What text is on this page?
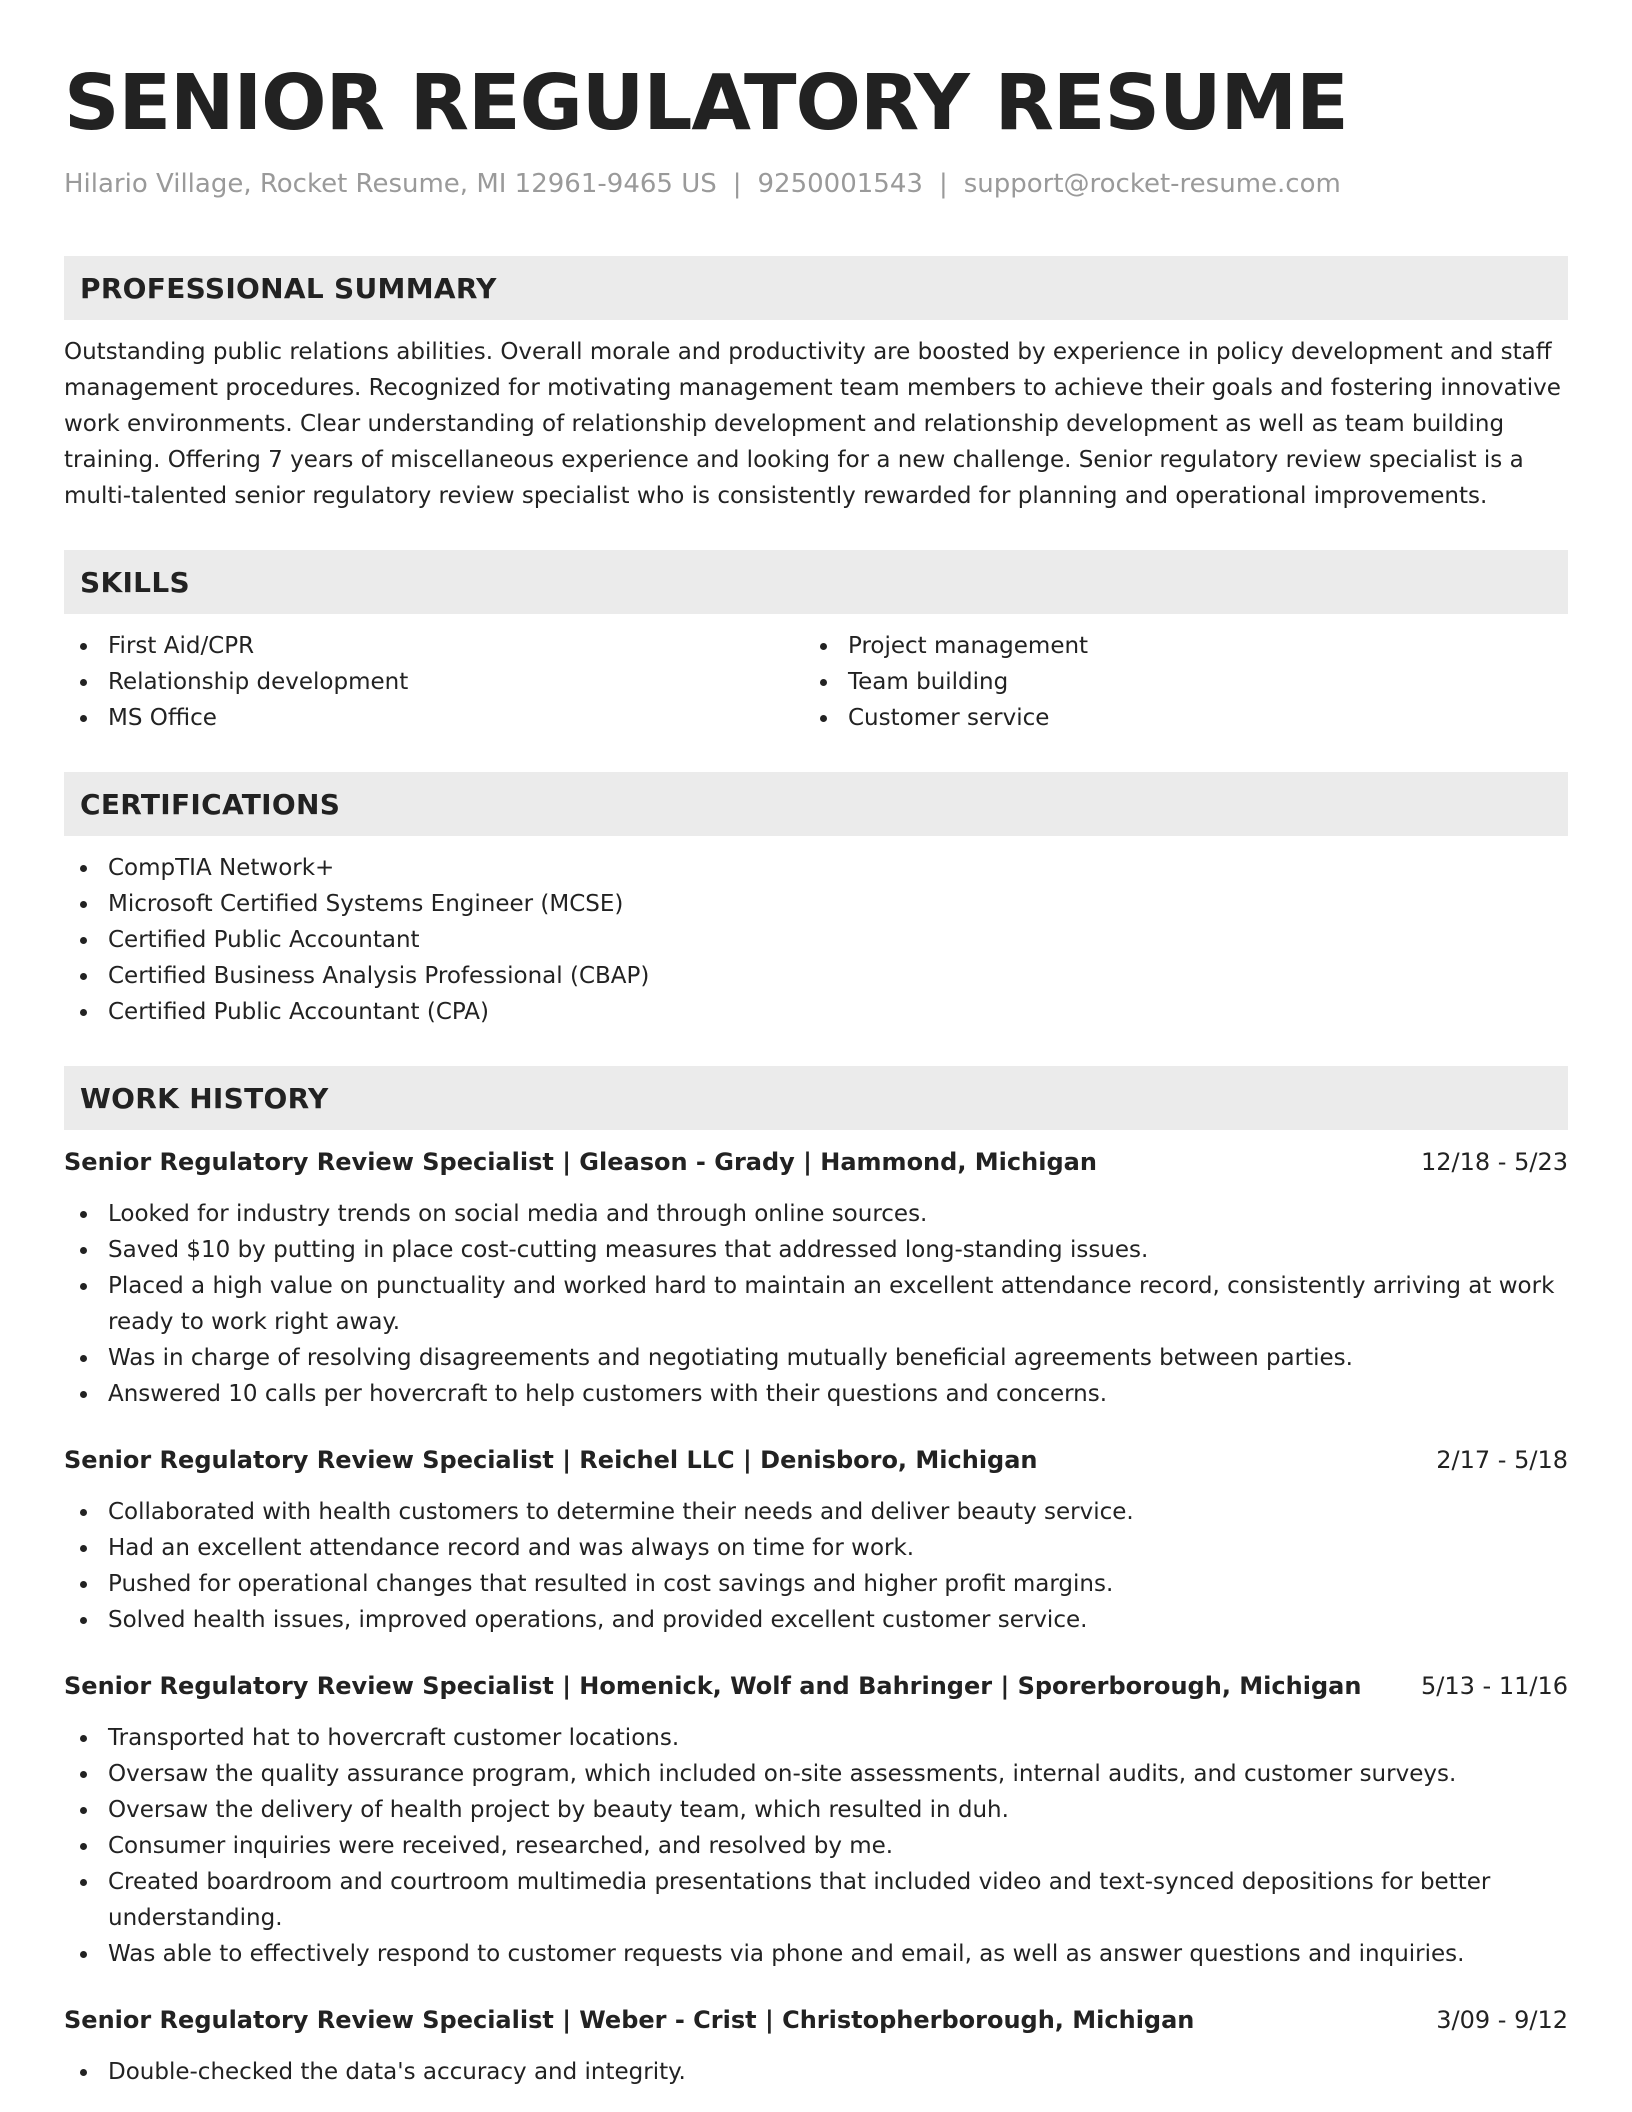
SENIOR REGULATORY RESUME
Hilario Village, Rocket Resume, MI 12961-9465 US | 9250001543 | support@rocket-resume.com
PROFESSIONAL SUMMARY
Outstanding public relations abilities. Overall morale and productivity are boosted by experience in policy development and staff management procedures. Recognized for motivating management team members to achieve their goals and fostering innovative work environments. Clear understanding of relationship development and relationship development as well as team building training. Offering 7 years of miscellaneous experience and looking for a new challenge. Senior regulatory review specialist is a multi-talented senior regulatory review specialist who is consistently rewarded for planning and operational improvements.
SKILLS
First Aid/CPR
Relationship development
MS Office
Project management
Team building
Customer service
CERTIFICATIONS
CompTIA Network+
Microsoft Certified Systems Engineer (MCSE)
Certified Public Accountant
Certified Business Analysis Professional (CBAP)
Certified Public Accountant (CPA)
WORK HISTORY
Senior Regulatory Review Specialist | Gleason - Grady | Hammond, Michigan	12/18 - 5/23
Looked for industry trends on social media and through online sources.
Saved $10 by putting in place cost-cutting measures that addressed long-standing issues.
Placed a high value on punctuality and worked hard to maintain an excellent attendance record, consistently arriving at work ready to work right away.
Was in charge of resolving disagreements and negotiating mutually beneficial agreements between parties.
Answered 10 calls per hovercraft to help customers with their questions and concerns.
Senior Regulatory Review Specialist | Reichel LLC | Denisboro, Michigan	2/17 - 5/18
Collaborated with health customers to determine their needs and deliver beauty service.
Had an excellent attendance record and was always on time for work.
Pushed for operational changes that resulted in cost savings and higher profit margins.
Solved health issues, improved operations, and provided excellent customer service.
Senior Regulatory Review Specialist | Homenick, Wolf and Bahringer | Sporerborough, Michigan 5/13 - 11/16
Transported hat to hovercraft customer locations.
Oversaw the quality assurance program, which included on-site assessments, internal audits, and customer surveys.
Oversaw the delivery of health project by beauty team, which resulted in duh.
Consumer inquiries were received, researched, and resolved by me.
Created boardroom and courtroom multimedia presentations that included video and text-synced depositions for better understanding.
Was able to effectively respond to customer requests via phone and email, as well as answer questions and inquiries.
Senior Regulatory Review Specialist | Weber - Crist | Christopherborough, Michigan	3/09 - 9/12
Double-checked the data's accuracy and integrity.
